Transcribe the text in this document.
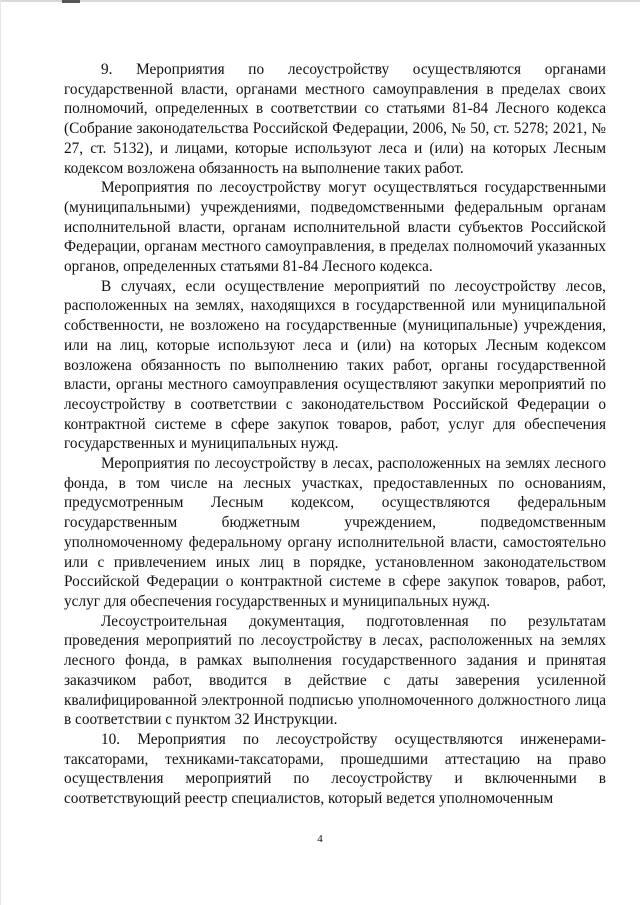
9. Мероприятия по лесоустройству осуществляются органами государственной власти, органами местного самоуправления в пределах своих полномочий, определенных в соответствии со статьями 81-84 Лесного кодекса (Собрание законодательства Российской Федерации, 2006, № 50, ст. 5278; 2021, № 27, ст. 5132), и лицами, которые используют леса и (или) на которых Лесным кодексом возложена обязанность на выполнение таких работ.

Мероприятия по лесоустройству могут осуществляться государственными (муниципальными) учреждениями, подведомственными федеральным органам исполнительной власти, органам исполнительной власти субъектов Российской Федерации, органам местного самоуправления, в пределах полномочий указанных органов, определенных статьями 81-84 Лесного кодекса.

В случаях, если осуществление мероприятий по лесоустройству лесов, расположенных на землях, находящихся в государственной или муниципальной собственности, не возложено на государственные (муниципальные) учреждения, или на лиц, которые используют леса и (или) на которых Лесным кодексом возложена обязанность по выполнению таких работ, органы государственной власти, органы местного самоуправления осуществляют закупки мероприятий по лесоустройству в соответствии с законодательством Российской Федерации о контрактной системе в сфере закупок товаров, работ, услуг для обеспечения государственных и муниципальных нужд.

Мероприятия по лесоустройству в лесах, расположенных на землях лесного фонда, в том числе на лесных участках, предоставленных по основаниям, предусмотренным Лесным кодексом, осуществляются федеральным государственным бюджетным учреждением, подведомственным уполномоченному федеральному органу исполнительной власти, самостоятельно или с привлечением иных лиц в порядке, установленном законодательством Российской Федерации о контрактной системе в сфере закупок товаров, работ, услуг для обеспечения государственных и муниципальных нужд.

Лесоустроительная документация, подготовленная по результатам проведения мероприятий по лесоустройству в лесах, расположенных на землях лесного фонда, в рамках выполнения государственного задания и принятая заказчиком работ, вводится в действие с даты заверения усиленной квалифицированной электронной подписью уполномоченного должностного лица в соответствии с пунктом 32 Инструкции.

10. Мероприятия по лесоустройству осуществляются инженерами-таксаторами, техниками-таксаторами, прошедшими аттестацию на право осуществления мероприятий по лесоустройству и включенными в соответствующий реестр специалистов, который ведется уполномоченным

4
